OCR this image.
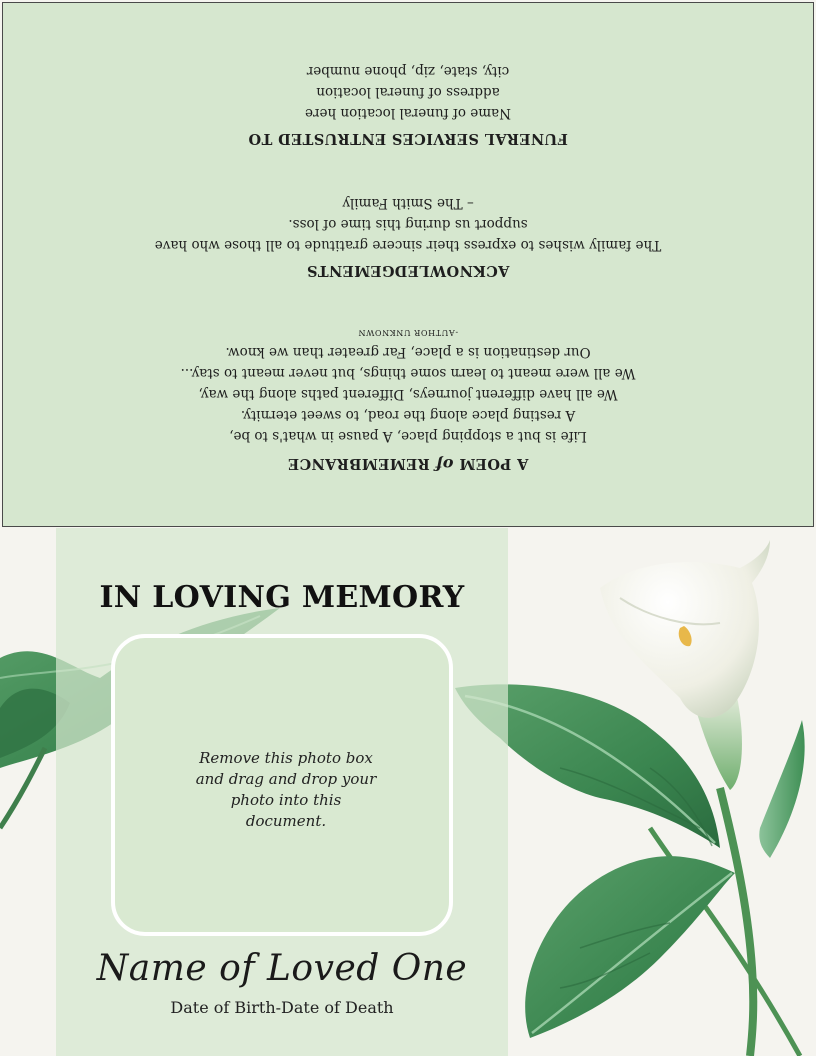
A POEM of REMEMBRANCE
Life is but a stopping place, A pause in what's to be,
A resting place along the road, to sweet eternity.
We all have different journeys, Different paths along the way,
We all were meant to learn some things, but never meant to stay...
Our destination is a place, Far greater than we know.
-AUTHOR UNKNOWN
ACKNOWLEDGEMENTS
The family wishes to express their sincere gratitude to all those who have
support us during this time of loss.
– The Smith Family
FUNERAL SERVICES ENTRUSTED TO
Name of funeral location here
address of funeral location
city, state, zip, phone number
IN LOVING MEMORY
Remove this photo box
and drag and drop your
photo into this
document.
Name of Loved One
Date of Birth-Date of Death
